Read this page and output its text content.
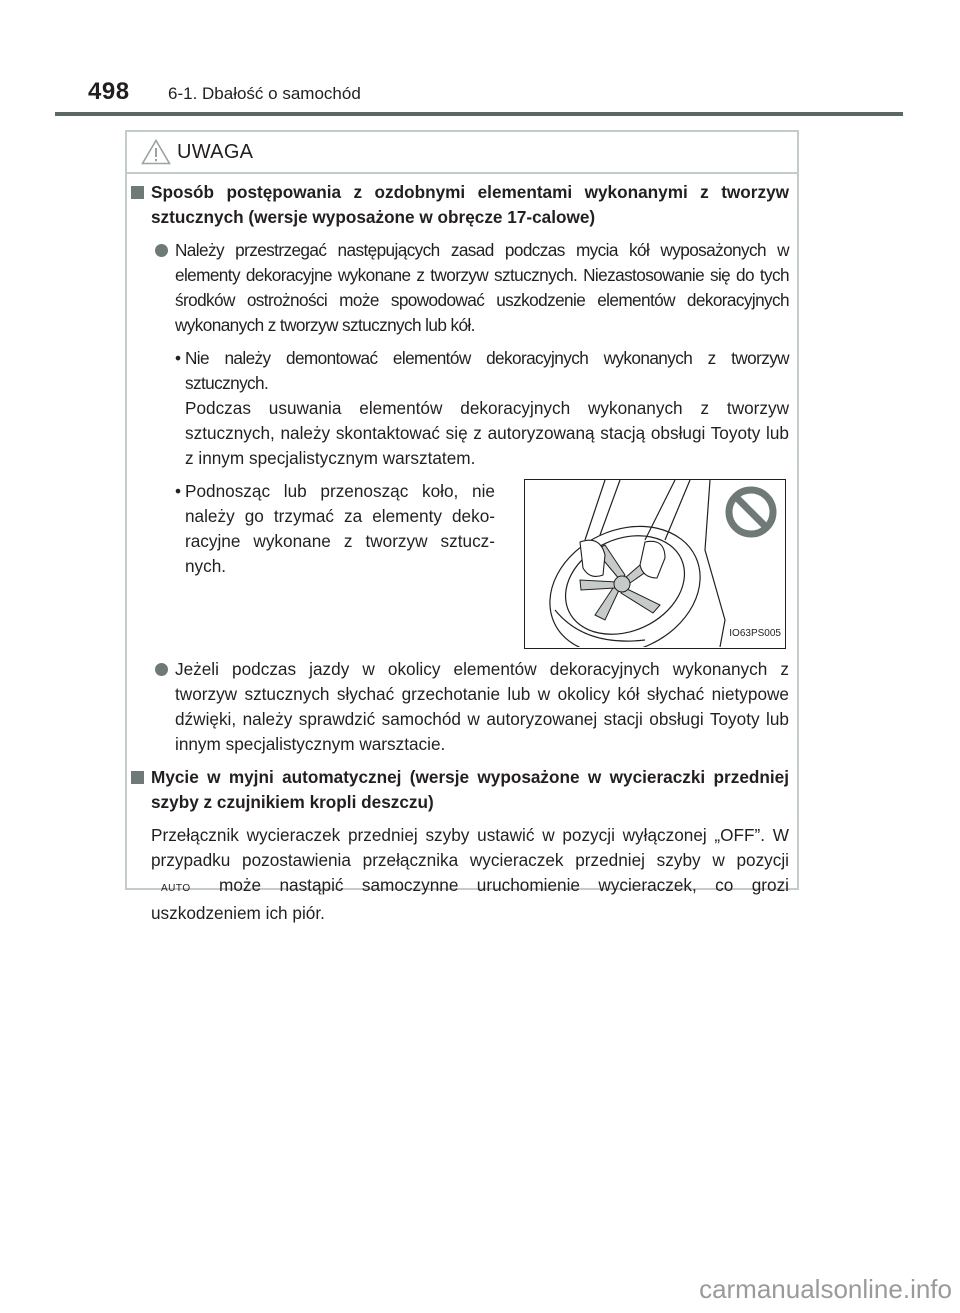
498 6-1. Dbałość o samochód
UWAGA
Sposób postępowania z ozdobnymi elementami wykonanymi z tworzyw sztucznych (wersje wyposażone w obręcze 17-calowe)
Należy przestrzegać następujących zasad podczas mycia kół wyposażonych w elementy dekoracyjne wykonane z tworzyw sztucznych. Niezastosowanie się do tych środków ostrożności może spowodować uszkodzenie elementów dekoracyjnych wykonanych z tworzyw sztucznych lub kół.
• Nie należy demontować elementów dekoracyjnych wykonanych z tworzyw sztucznych.
Podczas usuwania elementów dekoracyjnych wykonanych z tworzyw sztucznych, należy skontaktować się z autoryzowaną stacją obsługi Toyoty lub z innym specjalistycznym warsztatem.
• Podnosząc lub przenosząc koło, nie należy go trzymać za elementy dekoracyjne wykonane z tworzyw sztucznych.
IO63PS005
Jeżeli podczas jazdy w okolicy elementów dekoracyjnych wykonanych z tworzyw sztucznych słychać grzechotanie lub w okolicy kół słychać nietypowe dźwięki, należy sprawdzić samochód w autoryzowanej stacji obsługi Toyoty lub innym specjalistycznym warsztacie.
Mycie w myjni automatycznej (wersje wyposażone w wycieraczki przedniej szyby z czujnikiem kropli deszczu)
Przełącznik wycieraczek przedniej szyby ustawić w pozycji wyłączonej „OFF”. W przypadku pozostawienia przełącznika wycieraczek przedniej szyby w pozycji AUTO może nastąpić samoczynne uruchomienie wycieraczek, co grozi uszkodzeniem ich piór.
carmanualsonline.info
